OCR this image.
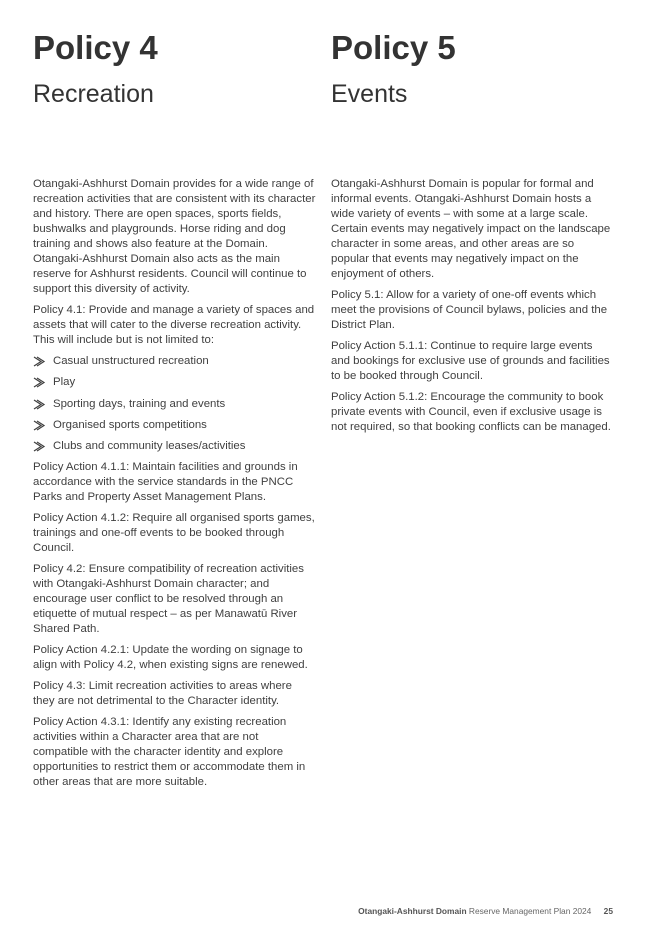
Policy 4
Recreation

Otangaki-Ashhurst Domain provides for a wide range of recreation activities that are consistent with its character and history. There are open spaces, sports fields, bushwalks and playgrounds. Horse riding and dog training and shows also feature at the Domain. Otangaki-Ashhurst Domain also acts as the main reserve for Ashhurst residents. Council will continue to support this diversity of activity.

Policy 4.1: Provide and manage a variety of spaces and assets that will cater to the diverse recreation activity. This will include but is not limited to:

Casual unstructured recreation
Play
Sporting days, training and events
Organised sports competitions
Clubs and community leases/activities

Policy Action 4.1.1: Maintain facilities and grounds in accordance with the service standards in the PNCC Parks and Property Asset Management Plans.

Policy Action 4.1.2: Require all organised sports games, trainings and one-off events to be booked through Council.

Policy 4.2: Ensure compatibility of recreation activities with Otangaki-Ashhurst Domain character; and encourage user conflict to be resolved through an etiquette of mutual respect – as per Manawatū River Shared Path.

Policy Action 4.2.1: Update the wording on signage to align with Policy 4.2, when existing signs are renewed.

Policy 4.3: Limit recreation activities to areas where they are not detrimental to the Character identity.

Policy Action 4.3.1: Identify any existing recreation activities within a Character area that are not compatible with the character identity and explore opportunities to restrict them or accommodate them in other areas that are more suitable.

Policy 5
Events

Otangaki-Ashhurst Domain is popular for formal and informal events. Otangaki-Ashhurst Domain hosts a wide variety of events – with some at a large scale. Certain events may negatively impact on the landscape character in some areas, and other areas are so popular that events may negatively impact on the enjoyment of others.

Policy 5.1: Allow for a variety of one-off events which meet the provisions of Council bylaws, policies and the District Plan.

Policy Action 5.1.1: Continue to require large events and bookings for exclusive use of grounds and facilities to be booked through Council.

Policy Action 5.1.2: Encourage the community to book private events with Council, even if exclusive usage is not required, so that booking conflicts can be managed.

Otangaki-Ashhurst Domain Reserve Management Plan 2024 25
